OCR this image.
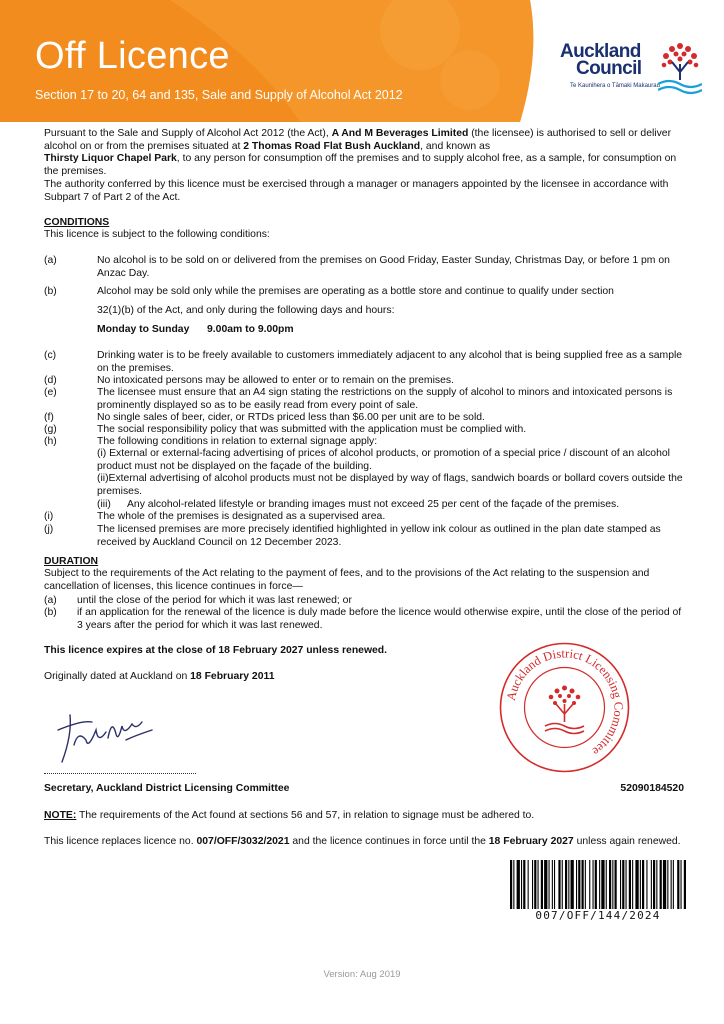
Off Licence
Section 17 to 20, 64 and 135, Sale and Supply of Alcohol Act 2012
Auckland
Council
Te Kaunihera o Tāmaki Makaurau

Pursuant to the Sale and Supply of Alcohol Act 2012 (the Act), A And M Beverages Limited (the licensee) is authorised to sell or deliver alcohol on or from the premises situated at 2 Thomas Road Flat Bush Auckland, and known as
Thirsty Liquor Chapel Park, to any person for consumption off the premises and to supply alcohol free, as a sample, for consumption on the premises.

The authority conferred by this licence must be exercised through a manager or managers appointed by the licensee in accordance with Subpart 7 of Part 2 of the Act.

CONDITIONS

This licence is subject to the following conditions:

(a)	No alcohol is to be sold on or delivered from the premises on Good Friday, Easter Sunday, Christmas Day, or before 1 pm on Anzac Day.
(b)	Alcohol may be sold only while the premises are operating as a bottle store and continue to qualify under section
32(1)(b) of the Act, and only during the following days and hours:
Monday to Sunday 9.00am to 9.00pm
(c)	Drinking water is to be freely available to customers immediately adjacent to any alcohol that is being supplied free as a sample on the premises.
(d)	No intoxicated persons may be allowed to enter or to remain on the premises.
(e)	The licensee must ensure that an A4 sign stating the restrictions on the supply of alcohol to minors and intoxicated persons is prominently displayed so as to be easily read from every point of sale.
(f)	No single sales of beer, cider, or RTDs priced less than $6.00 per unit are to be sold.
(g)	The social responsibility policy that was submitted with the application must be complied with.
(h)	The following conditions in relation to external signage apply:
(i) External or external-facing advertising of prices of alcohol products, or promotion of a special price / discount of an alcohol product must not be displayed on the façade of the building.
(ii)External advertising of alcohol products must not be displayed by way of flags, sandwich boards or bollard covers outside the premises.
(iii) Any alcohol-related lifestyle or branding images must not exceed 25 per cent of the façade of the premises.
(i)	The whole of the premises is designated as a supervised area.
(j)	The licensed premises are more precisely identified highlighted in yellow ink colour as outlined in the plan date stamped as received by Auckland Council on 12 December 2023.

DURATION

Subject to the requirements of the Act relating to the payment of fees, and to the provisions of the Act relating to the suspension and cancellation of licenses, this licence continues in force—

(a) until the close of the period for which it was last renewed; or
(b) if an application for the renewal of the licence is duly made before the licence would otherwise expire, until the close of the period of 3 years after the period for which it was last renewed.

This licence expires at the close of 18 February 2027 unless renewed.

Originally dated at Auckland on 18 February 2011

Secretary, Auckland District Licensing Committee	52090184520

NOTE: The requirements of the Act found at sections 56 and 57, in relation to signage must be adhered to.

This licence replaces licence no. 007/OFF/3032/2021 and the licence continues in force until the 18 February 2027 unless again renewed.

Auckland District Licensing Committee
007/OFF/144/2024
Version: Aug 2019
